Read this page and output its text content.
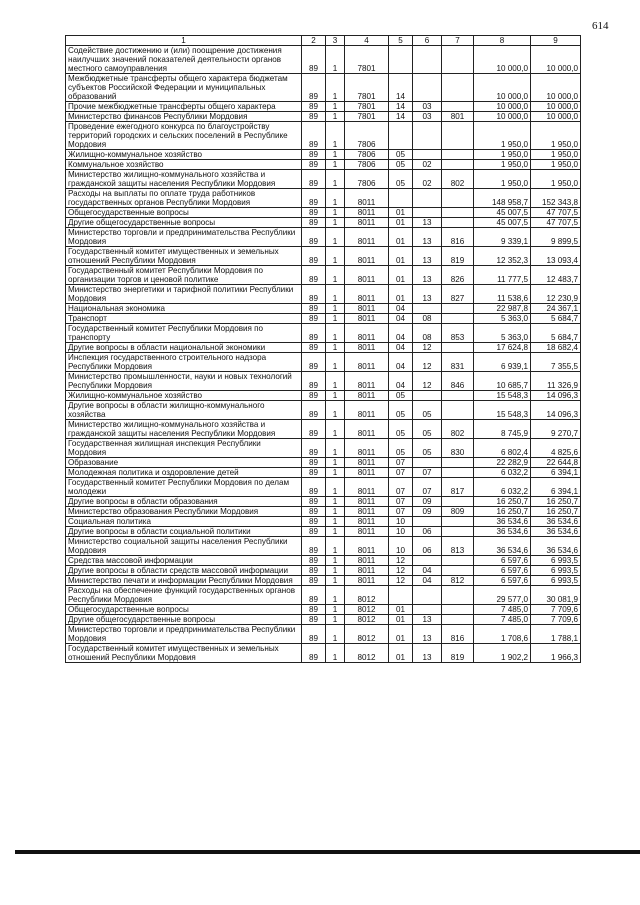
614
1	2	3	4	5	6	7	8	9
Содействие достижению и (или) поощрение достижения наилучших значений показателей деятельности органов местного самоуправления	89	1	7801				10 000,0	10 000,0
Межбюджетные трансферты общего характера бюджетам субъектов Российской Федерации и муниципальных образований	89	1	7801	14			10 000,0	10 000,0
Прочие межбюджетные трансферты общего характера	89	1	7801	14	03		10 000,0	10 000,0
Министерство финансов Республики Мордовия	89	1	7801	14	03	801	10 000,0	10 000,0
Проведение ежегодного конкурса по благоустройству территорий городских и сельских поселений в Республике Мордовия	89	1	7806				1 950,0	1 950,0
Жилищно-коммунальное хозяйство	89	1	7806	05			1 950,0	1 950,0
Коммунальное хозяйство	89	1	7806	05	02		1 950,0	1 950,0
Министерство жилищно-коммунального хозяйства и гражданской защиты населения Республики Мордовия	89	1	7806	05	02	802	1 950,0	1 950,0
Расходы на выплаты по оплате труда работников государственных органов Республики Мордовия	89	1	8011				148 958,7	152 343,8
Общегосударственные вопросы	89	1	8011	01			45 007,5	47 707,5
Другие общегосударственные вопросы	89	1	8011	01	13		45 007,5	47 707,5
Министерство торговли и предпринимательства Республики Мордовия	89	1	8011	01	13	816	9 339,1	9 899,5
Государственный комитет имущественных и земельных отношений Республики Мордовия	89	1	8011	01	13	819	12 352,3	13 093,4
Государственный комитет Республики Мордовия по организации торгов и ценовой политике	89	1	8011	01	13	826	11 777,5	12 483,7
Министерство энергетики и тарифной политики Республики Мордовия	89	1	8011	01	13	827	11 538,6	12 230,9
Национальная экономика	89	1	8011	04			22 987,8	24 367,1
Транспорт	89	1	8011	04	08		5 363,0	5 684,7
Государственный комитет Республики Мордовия по транспорту	89	1	8011	04	08	853	5 363,0	5 684,7
Другие вопросы в области национальной экономики	89	1	8011	04	12		17 624,8	18 682,4
Инспекция государственного строительного надзора Республики Мордовия	89	1	8011	04	12	831	6 939,1	7 355,5
Министерство промышленности, науки и новых технологий Республики Мордовия	89	1	8011	04	12	846	10 685,7	11 326,9
Жилищно-коммунальное хозяйство	89	1	8011	05			15 548,3	14 096,3
Другие вопросы в области жилищно-коммунального хозяйства	89	1	8011	05	05		15 548,3	14 096,3
Министерство жилищно-коммунального хозяйства и гражданской защиты населения Республики Мордовия	89	1	8011	05	05	802	8 745,9	9 270,7
Государственная жилищная инспекция Республики Мордовия	89	1	8011	05	05	830	6 802,4	4 825,6
Образование	89	1	8011	07			22 282,9	22 644,8
Молодежная политика и оздоровление детей	89	1	8011	07	07		6 032,2	6 394,1
Государственный комитет Республики Мордовия по делам молодежи	89	1	8011	07	07	817	6 032,2	6 394,1
Другие вопросы в области образования	89	1	8011	07	09		16 250,7	16 250,7
Министерство образования Республики Мордовия	89	1	8011	07	09	809	16 250,7	16 250,7
Социальная политика	89	1	8011	10			36 534,6	36 534,6
Другие вопросы в области социальной политики	89	1	8011	10	06		36 534,6	36 534,6
Министерство социальной защиты населения Республики Мордовия	89	1	8011	10	06	813	36 534,6	36 534,6
Средства массовой информации	89	1	8011	12			6 597,6	6 993,5
Другие вопросы в области средств массовой информации	89	1	8011	12	04		6 597,6	6 993,5
Министерство печати и информации Республики Мордовия	89	1	8011	12	04	812	6 597,6	6 993,5
Расходы на обеспечение функций государственных органов Республики Мордовия	89	1	8012				29 577,0	30 081,9
Общегосударственные вопросы	89	1	8012	01			7 485,0	7 709,6
Другие общегосударственные вопросы	89	1	8012	01	13		7 485,0	7 709,6
Министерство торговли и предпринимательства Республики Мордовия	89	1	8012	01	13	816	1 708,6	1 788,1
Государственный комитет имущественных и земельных отношений Республики Мордовия	89	1	8012	01	13	819	1 902,2	1 966,3
